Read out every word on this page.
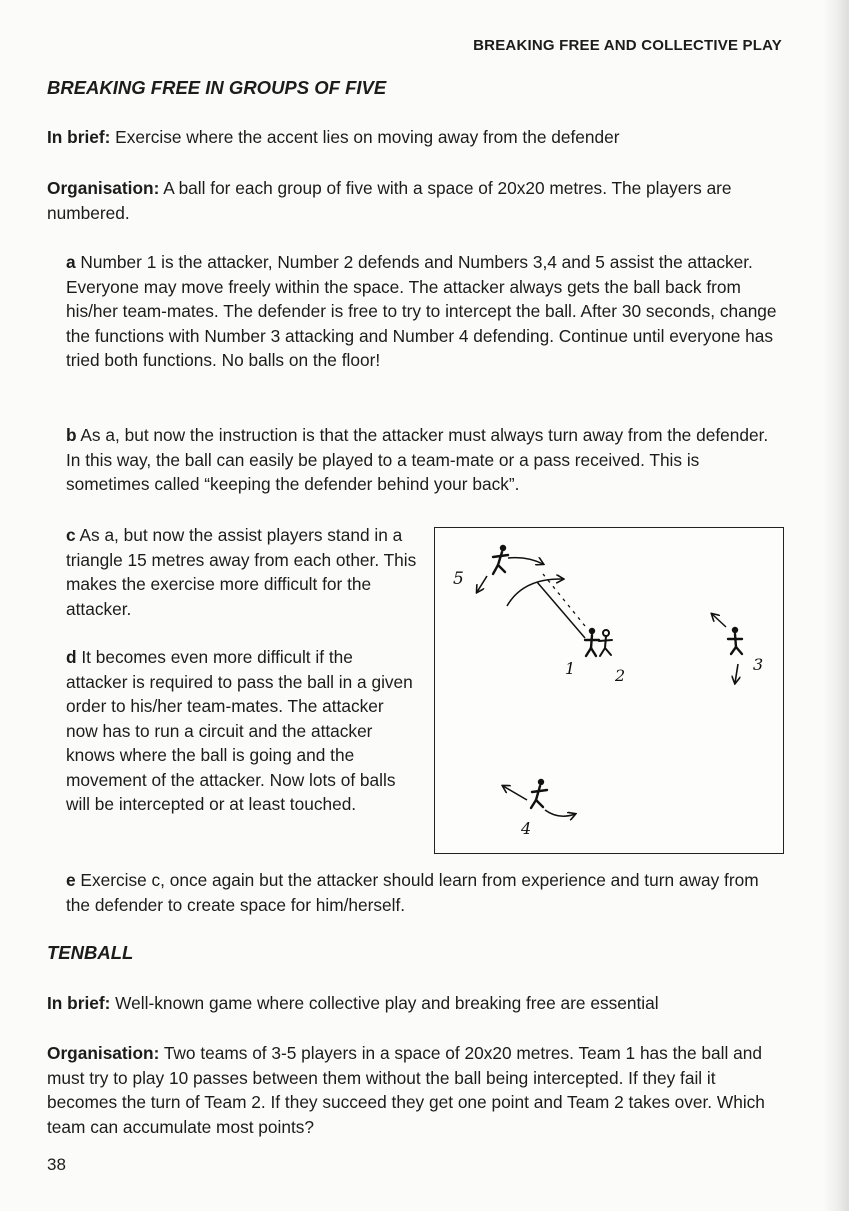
BREAKING FREE AND COLLECTIVE PLAY
BREAKING FREE IN GROUPS OF FIVE
In brief: Exercise where the accent lies on moving away from the defender
Organisation: A ball for each group of five with a space of 20x20 metres. The players are numbered.
a Number 1 is the attacker, Number 2 defends and Numbers 3,4 and 5 assist the attacker. Everyone may move freely within the space. The attacker always gets the ball back from his/her team-mates. The defender is free to try to intercept the ball. After 30 seconds, change the functions with Number 3 attacking and Number 4 defending. Continue until everyone has tried both functions. No balls on the floor!
b As a, but now the instruction is that the attacker must always turn away from the defender. In this way, the ball can easily be played to a team-mate or a pass received. This is sometimes called “keeping the defender behind your back”.
c As a, but now the assist players stand in a triangle 15 metres away from each other. This makes the exercise more difficult for the attacker.
d It becomes even more difficult if the attacker is required to pass the ball in a given order to his/her team-mates. The attacker now has to run a circuit and the attacker knows where the ball is going and the movement of the attacker. Now lots of balls will be intercepted or at least touched.
5
1 2
3
4
e Exercise c, once again but the attacker should learn from experience and turn away from the defender to create space for him/herself.
TENBALL
In brief: Well-known game where collective play and breaking free are essential
Organisation: Two teams of 3-5 players in a space of 20x20 metres. Team 1 has the ball and must try to play 10 passes between them without the ball being intercepted. If they fail it becomes the turn of Team 2. If they succeed they get one point and Team 2 takes over. Which team can accumulate most points?
38
